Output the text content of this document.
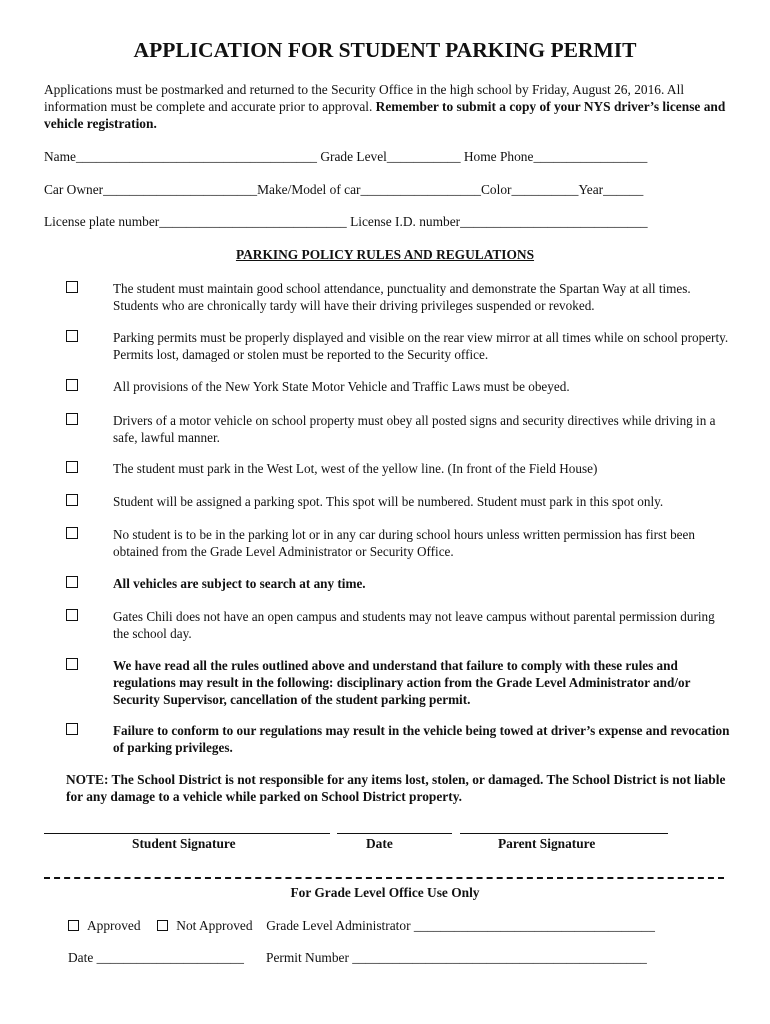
APPLICATION FOR STUDENT PARKING PERMIT
Applications must be postmarked and returned to the Security Office in the high school by Friday, August 26, 2016. All information must be complete and accurate prior to approval. Remember to submit a copy of your NYS driver’s license and vehicle registration.
Name____________________________________ Grade Level___________ Home Phone_________________
Car Owner_______________________Make/Model of car__________________Color__________Year______
License plate number____________________________ License I.D. number____________________________
PARKING POLICY RULES AND REGULATIONS
The student must maintain good school attendance, punctuality and demonstrate the Spartan Way at all times. Students who are chronically tardy will have their driving privileges suspended or revoked.
Parking permits must be properly displayed and visible on the rear view mirror at all times while on school property. Permits lost, damaged or stolen must be reported to the Security office.
All provisions of the New York State Motor Vehicle and Traffic Laws must be obeyed.
Drivers of a motor vehicle on school property must obey all posted signs and security directives while driving in a safe, lawful manner.
The student must park in the West Lot, west of the yellow line. (In front of the Field House)
Student will be assigned a parking spot. This spot will be numbered. Student must park in this spot only.
No student is to be in the parking lot or in any car during school hours unless written permission has first been obtained from the Grade Level Administrator or Security Office.
All vehicles are subject to search at any time.
Gates Chili does not have an open campus and students may not leave campus without parental permission during the school day.
We have read all the rules outlined above and understand that failure to comply with these rules and regulations may result in the following: disciplinary action from the Grade Level Administrator and/or Security Supervisor, cancellation of the student parking permit.
Failure to conform to our regulations may result in the vehicle being towed at driver’s expense and revocation of parking privileges.
NOTE: The School District is not responsible for any items lost, stolen, or damaged. The School District is not liable for any damage to a vehicle while parked on School District property.
Student Signature	Date	Parent Signature
For Grade Level Office Use Only
Approved	Not Approved Grade Level Administrator ____________________________________
Date ______________________ Permit Number ____________________________________________
